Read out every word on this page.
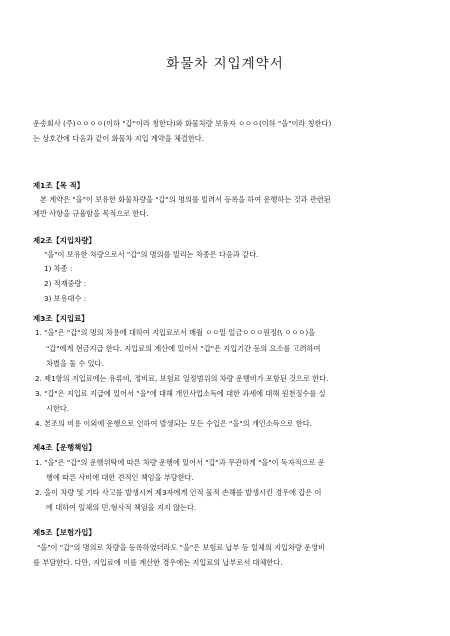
화물차 지입계약서
운송회사 (주)ㅇㅇㅇㅇ(이하 "갑"이라 칭한다)와 화물차량 보유자 ㅇㅇㅇ(이하 "을"이라 칭한다)
는 상호간에 다음과 같이 화물차 지입 계약을 체결한다.
제1조【목 적】
본 계약은 "을"이 보유한 화물차량을 "갑"의 명의를 빌려서 등록을 하여 운행하는 것과 관련된
제반 사항을 규율함을 목적으로 한다.
제2조【지입차량】
"을"이 보유한 차량으로서 "갑"의 명의를 빌리는 차종은 다음과 같다.
1) 차종 :
2) 적재중량 :
3) 보유대수 :
제3조【지입료】
1. "을"은 "갑"의 명의 차용에 대하여 지입료로서 매월 ㅇㅇ일 일금ㅇㅇㅇ원정(\ ㅇㅇㅇ)을
"갑"에게 현금지급 한다. 지입료의 계산에 있어서 "갑"은 지입기간 등의 요소를 고려하여
차별을 둘 수 있다.
2. 제1항의 지입료에는 유류비, 정비료, 보험료 일정범위의 차량 운행비가 포함된 것으로 한다.
3. "갑"은 지입료 지급에 있어서 "을"에 대해 개인사업소득에 대한 과세에 대해 원천징수를 실
시한다.
4. 본조의 비용 이외에 운행으로 인하여 발생되는 모든 수입은 "을"의 개인소득으로 한다.
제4조【운행책임】
1. "을"은 "갑"의 운행위탁에 따른 차량 운행에 있어서 "갑"과 무관하게 "을"이 독자적으로 운
행에 따른 사비에 대한 견적인 책임을 부담한다.
2. 을이 차량 및 기타 사고를 발생시켜 제3자에게 인적 물적 손해를 발생시킨 경우에 갑은 이
에 대하여 일체의 민.형사적 책임을 지지 않는다.
제5조【보험가입】
"을"이 "갑"의 명의로 차량을 등록하였더라도 "을"은 보험료 납부 등 일체의 지입차량 운영비
를 부담한다. 다만, 지입료에 이를 계산한 경우에는 지입료의 납부로서 대체한다.
